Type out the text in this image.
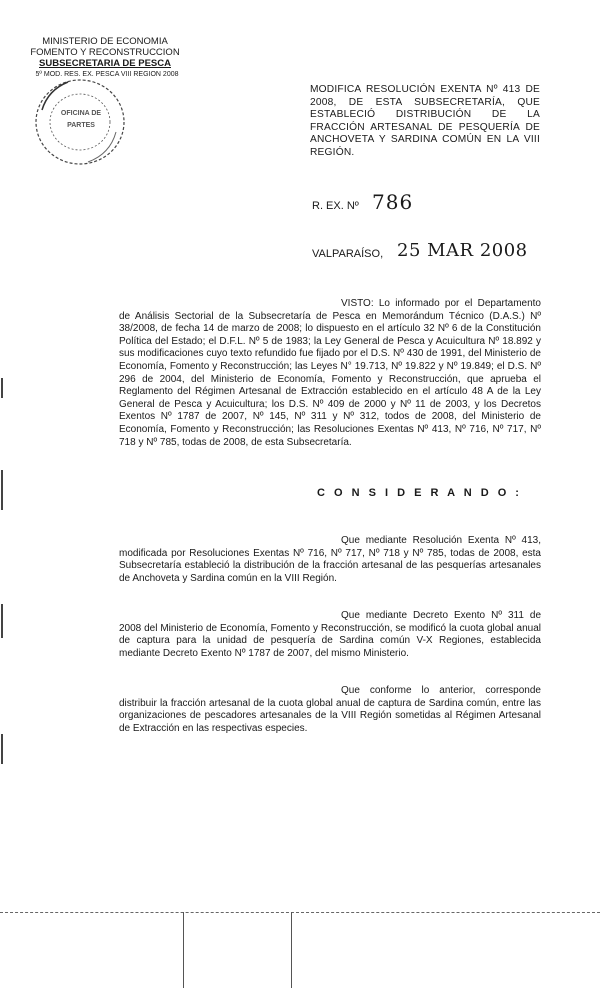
MINISTERIO DE ECONOMIA
FOMENTO Y RECONSTRUCCION
SUBSECRETARIA DE PESCA
5º MOD. RES. EX. PESCA VIII REGION 2008
OFICINA DE
PARTES
MODIFICA RESOLUCIÓN EXENTA Nº 413 DE 2008, DE ESTA SUBSECRETARÍA, QUE ESTABLECIÓ DISTRIBUCIÓN DE LA FRACCIÓN ARTESANAL DE PESQUERÍA DE ANCHOVETA Y SARDINA COMÚN EN LA VIII REGIÓN.
R. EX. Nº 786
VALPARAÍSO, 25 MAR 2008
VISTO: Lo informado por el Departamento de Análisis Sectorial de la Subsecretaría de Pesca en Memorándum Técnico (D.A.S.) Nº 38/2008, de fecha 14 de marzo de 2008; lo dispuesto en el artículo 32 Nº 6 de la Constitución Política del Estado; el D.F.L. Nº 5 de 1983; la Ley General de Pesca y Acuicultura Nº 18.892 y sus modificaciones cuyo texto refundido fue fijado por el D.S. Nº 430 de 1991, del Ministerio de Economía, Fomento y Reconstrucción; las Leyes N° 19.713, Nº 19.822 y Nº 19.849; el D.S. Nº 296 de 2004, del Ministerio de Economía, Fomento y Reconstrucción, que aprueba el Reglamento del Régimen Artesanal de Extracción establecido en el artículo 48 A de la Ley General de Pesca y Acuicultura; los D.S. Nº 409 de 2000 y Nº 11 de 2003, y los Decretos Exentos Nº 1787 de 2007, Nº 145, Nº 311 y Nº 312, todos de 2008, del Ministerio de Economía, Fomento y Reconstrucción; las Resoluciones Exentas Nº 413, Nº 716, Nº 717, Nº 718 y Nº 785, todas de 2008, de esta Subsecretaría.
C O N S I D E R A N D O :
Que mediante Resolución Exenta Nº 413, modificada por Resoluciones Exentas Nº 716, Nº 717, Nº 718 y Nº 785, todas de 2008, esta Subsecretaría estableció la distribución de la fracción artesanal de las pesquerías artesanales de Anchoveta y Sardina común en la VIII Región.
Que mediante Decreto Exento Nº 311 de 2008 del Ministerio de Economía, Fomento y Reconstrucción, se modificó la cuota global anual de captura para la unidad de pesquería de Sardina común V-X Regiones, establecida mediante Decreto Exento Nº 1787 de 2007, del mismo Ministerio.
Que conforme lo anterior, corresponde distribuir la fracción artesanal de la cuota global anual de captura de Sardina común, entre las organizaciones de pescadores artesanales de la VIII Región sometidas al Régimen Artesanal de Extracción en las respectivas especies.
